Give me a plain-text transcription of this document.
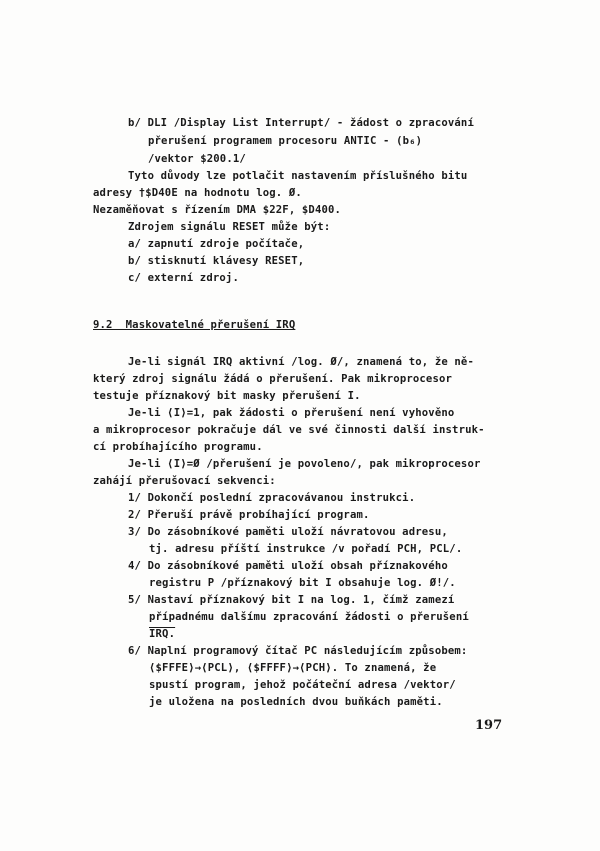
b/ DLI /Display List Interrupt/ - žádost o zpracování
přerušení programem procesoru ANTIC - (b₆)
/vektor $200.1/
Tyto důvody lze potlačit nastavením příslušného bitu
adresy †$D40E na hodnotu log. Ø.
Nezaměňovat s řízením DMA $22F, $D400.
Zdrojem signálu RESET může být:
a/ zapnutí zdroje počítače,
b/ stisknutí klávesy RESET,
c/ externí zdroj.
9.2  Maskovatelné přerušení IRQ
Je-li signál IRQ aktivní /log. Ø/, znamená to, že ně-
který zdroj signálu žádá o přerušení. Pak mikroprocesor
testuje příznakový bit masky přerušení I.
Je-li ⟨I⟩=1, pak žádosti o přerušení není vyhověno
a mikroprocesor pokračuje dál ve své činnosti další instruk-
cí probíhajícího programu.
Je-li ⟨I⟩=Ø /přerušení je povoleno/, pak mikroprocesor
zahájí přerušovací sekvenci:
1/ Dokončí poslední zpracovávanou instrukci.
2/ Přeruší právě probíhající program.
3/ Do zásobníkové paměti uloží návratovou adresu,
tj. adresu příští instrukce /v pořadí PCH, PCL/.
4/ Do zásobníkové paměti uloží obsah příznakového
registru P /příznakový bit I obsahuje log. Ø!/.
5/ Nastaví příznakový bit I na log. 1, čímž zamezí
případnému dalšímu zpracování žádosti o přerušení
IRQ.
6/ Naplní programový čítač PC následujícím způsobem:
⟨$FFFE⟩→⟨PCL⟩, ⟨$FFFF⟩→⟨PCH⟩. To znamená, že
spustí program, jehož počáteční adresa /vektor/
je uložena na posledních dvou buňkách paměti.
197
